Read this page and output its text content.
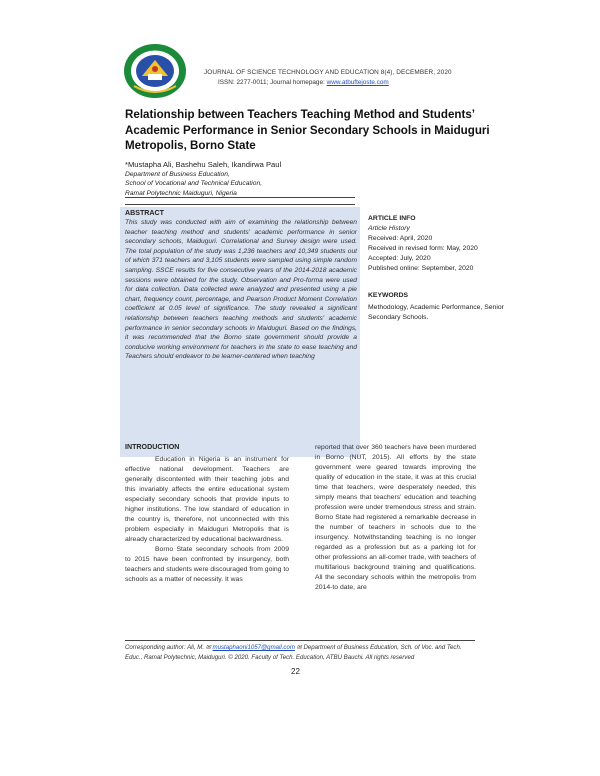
JOURNAL OF SCIENCE TECHNOLOGY AND EDUCATION 8(4), DECEMBER, 2020
ISSN: 2277-0011; Journal homepage: www.atbuftejoste.com
Relationship between Teachers Teaching Method and Students’ Academic Performance in Senior Secondary Schools in Maiduguri Metropolis, Borno State
*Mustapha Ali, Bashehu Saleh, Ikandirwa Paul
Department of Business Education,
School of Vocational and Technical Education,
Ramat Polytechnic Maiduguri, Nigeria
ABSTRACT
This study was conducted with aim of examining the relationship between teacher teaching method and students' academic performance in senior secondary schools, Maiduguri. Correlational and Survey design were used. The total population of the study was 1,236 teachers and 10,349 students out of which 371 teachers and 3,105 students were sampled using simple random sampling. SSCE results for five consecutive years of the 2014-2018 academic sessions were obtained for the study. Observation and Pro-forma were used for data collection. Data collected were analyzed and presented using a pie chart, frequency count, percentage, and Pearson Product Moment Correlation coefficient at 0.05 level of significance. The study revealed a significant relationship between teachers teaching methods and students' academic performance in senior secondary schools in Maiduguri. Based on the findings, it was recommended that the Borno state government should provide a conducive working environment for teachers in the state to ease teaching and Teachers should endeavor to be learner-centered when teaching
ARTICLE INFO
Article History
Received: April, 2020
Received in revised form: May, 2020
Accepted: July, 2020
Published online: September, 2020
KEYWORDS
Methodology, Academic Performance, Senior Secondary Schools.
INTRODUCTION

Education in Nigeria is an instrument for effective national development. Teachers are generally discontented with their teaching jobs and this invariably affects the entire educational system especially secondary schools that provide inputs to higher institutions. The low standard of education in the country is, therefore, not unconnected with this problem especially in Maiduguri Metropolis that is already characterized by educational backwardness.

Borno State secondary schools from 2009 to 2015 have been confronted by insurgency, both teachers and students were discouraged from going to schools as a matter of necessity. It was

reported that over 360 teachers have been murdered in Borno (NUT, 2015). All efforts by the state government were geared towards improving the quality of education in the state, it was at this crucial time that teachers, were desperately needed, this simply means that teachers' education and teaching profession were under tremendous stress and strain. Borno State had registered a remarkable decrease in the number of teachers in schools due to the insurgency. Notwithstanding teaching is no longer regarded as a profession but as a parking lot for other professions an all-comer trade, with teachers of multifarious background training and qualifications. All the secondary schools within the metropolis from 2014-to date, are

Corresponding author: Ali, M. ✉ mustaphaoni1057@gmail.com ✉ Department of Business Education, Sch. of Voc. and Tech. Educ., Ramat Polytechnic, Maiduguri. © 2020. Faculty of Tech. Education, ATBU Bauchi. All rights reserved
22
